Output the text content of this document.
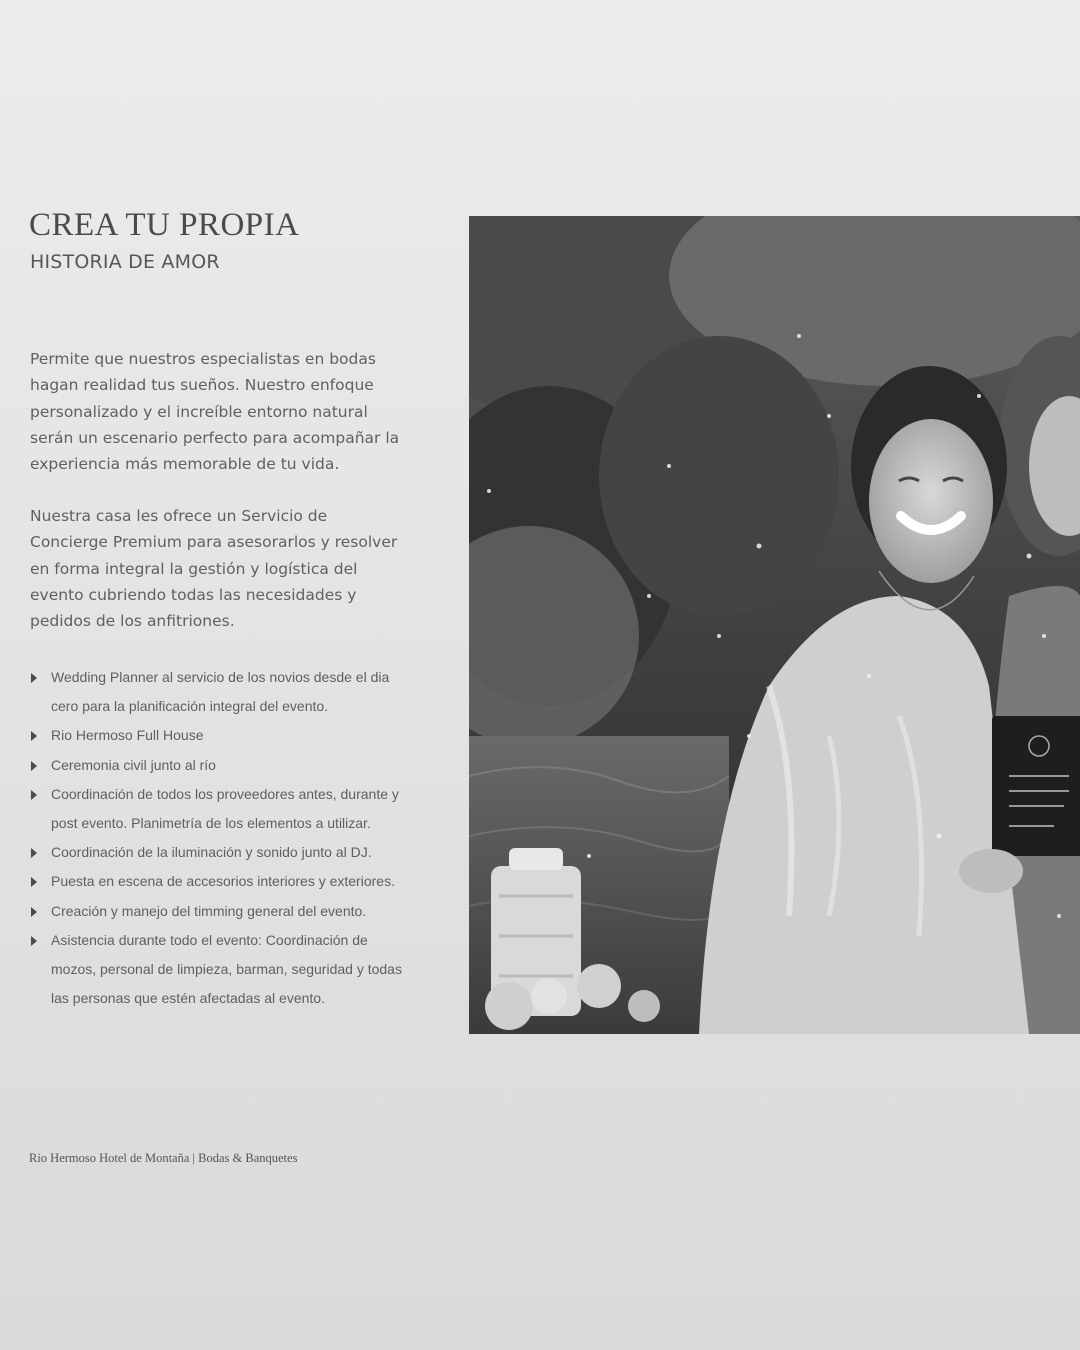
CREA TU PROPIA
HISTORIA DE AMOR

Permite que nuestros especialistas en bodas hagan realidad tus sueños. Nuestro enfoque personalizado y el increíble entorno natural serán un escenario perfecto para acompañar la experiencia más memorable de tu vida.

Nuestra casa les ofrece un Servicio de Concierge Premium para asesorarlos y resolver en forma integral la gestión y logística del evento cubriendo todas las necesidades y pedidos de los anfitriones.

Wedding Planner al servicio de los novios desde el dia cero para la planificación integral del evento.
Rio Hermoso Full House
Ceremonia civil junto al río
Coordinación de todos los proveedores antes, durante y post evento. Planimetría de los elementos a utilizar.
Coordinación de la iluminación y sonido junto al DJ.
Puesta en escena de accesorios interiores y exteriores.
Creación y manejo del timming general del evento.
Asistencia durante todo el evento: Coordinación de mozos, personal de limpieza, barman, seguridad y todas las personas que estén afectadas al evento.

Rio Hermoso Hotel de Montaña | Bodas & Banquetes
